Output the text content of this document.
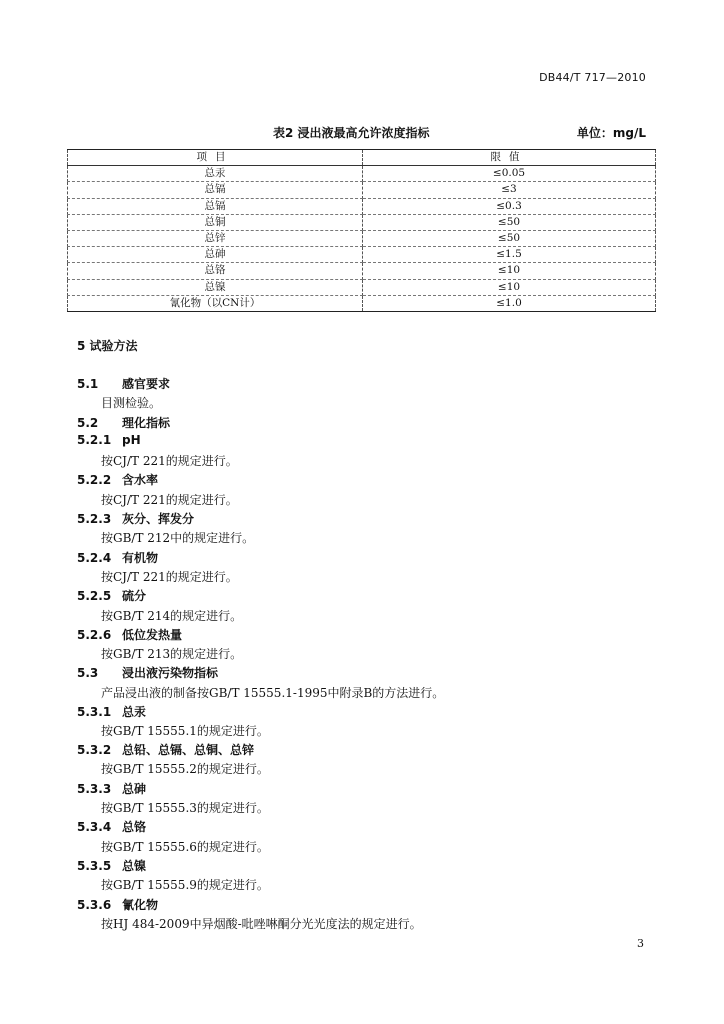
DB44/T 717—2010
表2 浸出液最高允许浓度指标	单位：mg/L
项目	限值
总汞	≤0.05
总镉	≤3
总镉	≤0.3
总铜	≤50
总锌	≤50
总砷	≤1.5
总铬	≤10
总镍	≤10
氰化物（以CN计）	≤1.0
5 试验方法
5.1 感官要求
目测检验。
5.2 理化指标
5.2.1 pH
按CJ/T 221的规定进行。
5.2.2 含水率
按CJ/T 221的规定进行。
5.2.3 灰分、挥发分
按GB/T 212中的规定进行。
5.2.4 有机物
按CJ/T 221的规定进行。
5.2.5 硫分
按GB/T 214的规定进行。
5.2.6 低位发热量
按GB/T 213的规定进行。
5.3 浸出液污染物指标
产品浸出液的制备按GB/T 15555.1-1995中附录B的方法进行。
5.3.1 总汞
按GB/T 15555.1的规定进行。
5.3.2 总铅、总镉、总铜、总锌
按GB/T 15555.2的规定进行。
5.3.3 总砷
按GB/T 15555.3的规定进行。
5.3.4 总铬
按GB/T 15555.6的规定进行。
5.3.5 总镍
按GB/T 15555.9的规定进行。
5.3.6 氰化物
按HJ 484-2009中异烟酸-吡唑啉酮分光光度法的规定进行。
3
